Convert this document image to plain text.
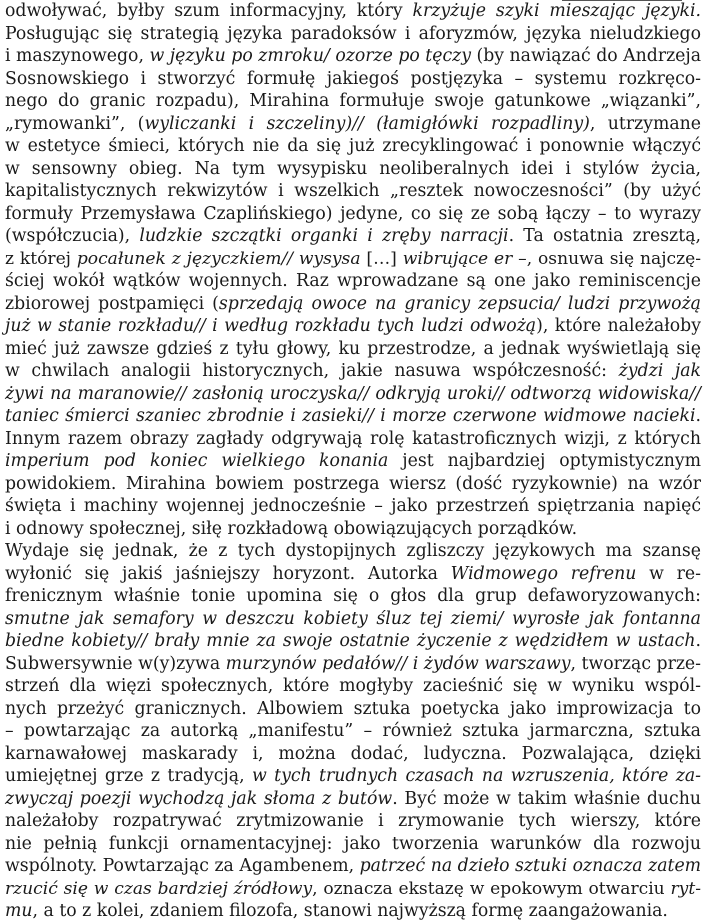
odwoływać, byłby szum informacyjny, który krzyżuje szyki mieszając języki.
Posługując się strategią języka paradoksów i aforyzmów, języka nieludzkiego
i maszynowego, w języku po zmroku/ ozorze po tęczy (by nawiązać do Andrzeja
Sosnowskiego i stworzyć formułę jakiegoś postjęzyka – systemu rozkręco-
nego do granic rozpadu), Mirahina formułuje swoje gatunkowe „wiązanki”,
„rymowanki”, (wyliczanki i szczeliny)// (łamigłówki rozpadliny), utrzymane
w estetyce śmieci, których nie da się już zrecyklingować i ponownie włączyć
w sensowny obieg. Na tym wysypisku neoliberalnych idei i stylów życia,
kapitalistycznych rekwizytów i wszelkich „resztek nowoczesności” (by użyć
formuły Przemysława Czaplińskiego) jedyne, co się ze sobą łączy – to wyrazy
(współczucia), ludzkie szczątki organki i zręby narracji. Ta ostatnia zresztą,
z której pocałunek z języczkiem// wysysa […] wibrujące er –, osnuwa się najczę-
ściej wokół wątków wojennych. Raz wprowadzane są one jako reminiscencje
zbiorowej postpamięci (sprzedają owoce na granicy zepsucia/ ludzi przywożą
już w stanie rozkładu// i według rozkładu tych ludzi odwożą), które należałoby
mieć już zawsze gdzieś z tyłu głowy, ku przestrodze, a jednak wyświetlają się
w chwilach analogii historycznych, jakie nasuwa współczesność: żydzi jak
żywi na maranowie// zasłonią uroczyska// odkryją uroki// odtworzą widowiska//
taniec śmierci szaniec zbrodnie i zasieki// i morze czerwone widmowe nacieki.
Innym razem obrazy zagłady odgrywają rolę katastroficznych wizji, z których
imperium pod koniec wielkiego konania jest najbardziej optymistycznym
powidokiem. Mirahina bowiem postrzega wiersz (dość ryzykownie) na wzór
święta i machiny wojennej jednocześnie – jako przestrzeń spiętrzania napięć
i odnowy społecznej, siłę rozkładową obowiązujących porządków.
Wydaje się jednak, że z tych dystopijnych zgliszczy językowych ma szansę
wyłonić się jakiś jaśniejszy horyzont. Autorka Widmowego refrenu w re-
frenicznym właśnie tonie upomina się o głos dla grup defaworyzowanych:
smutne jak semafory w deszczu kobiety śluz tej ziemi/ wyrosłe jak fontanna
biedne kobiety// brały mnie za swoje ostatnie życzenie z wędzidłem w ustach.
Subwersywnie w(y)zywa murzynów pedałów// i żydów warszawy, tworząc prze-
strzeń dla więzi społecznych, które mogłyby zacieśnić się w wyniku wspól-
nych przeżyć granicznych. Albowiem sztuka poetycka jako improwizacja to
– powtarzając za autorką „manifestu” – również sztuka jarmarczna, sztuka
karnawałowej maskarady i, można dodać, ludyczna. Pozwalająca, dzięki
umiejętnej grze z tradycją, w tych trudnych czasach na wzruszenia, które za-
zwyczaj poezji wychodzą jak słoma z butów. Być może w takim właśnie duchu
należałoby rozpatrywać zrytmizowanie i zrymowanie tych wierszy, które
nie pełnią funkcji ornamentacyjnej: jako tworzenia warunków dla rozwoju
wspólnoty. Powtarzając za Agambenem, patrzeć na dzieło sztuki oznacza zatem
rzucić się w czas bardziej źródłowy, oznacza ekstazę w epokowym otwarciu ryt-
mu, a to z kolei, zdaniem filozofa, stanowi najwyższą formę zaangażowania.
